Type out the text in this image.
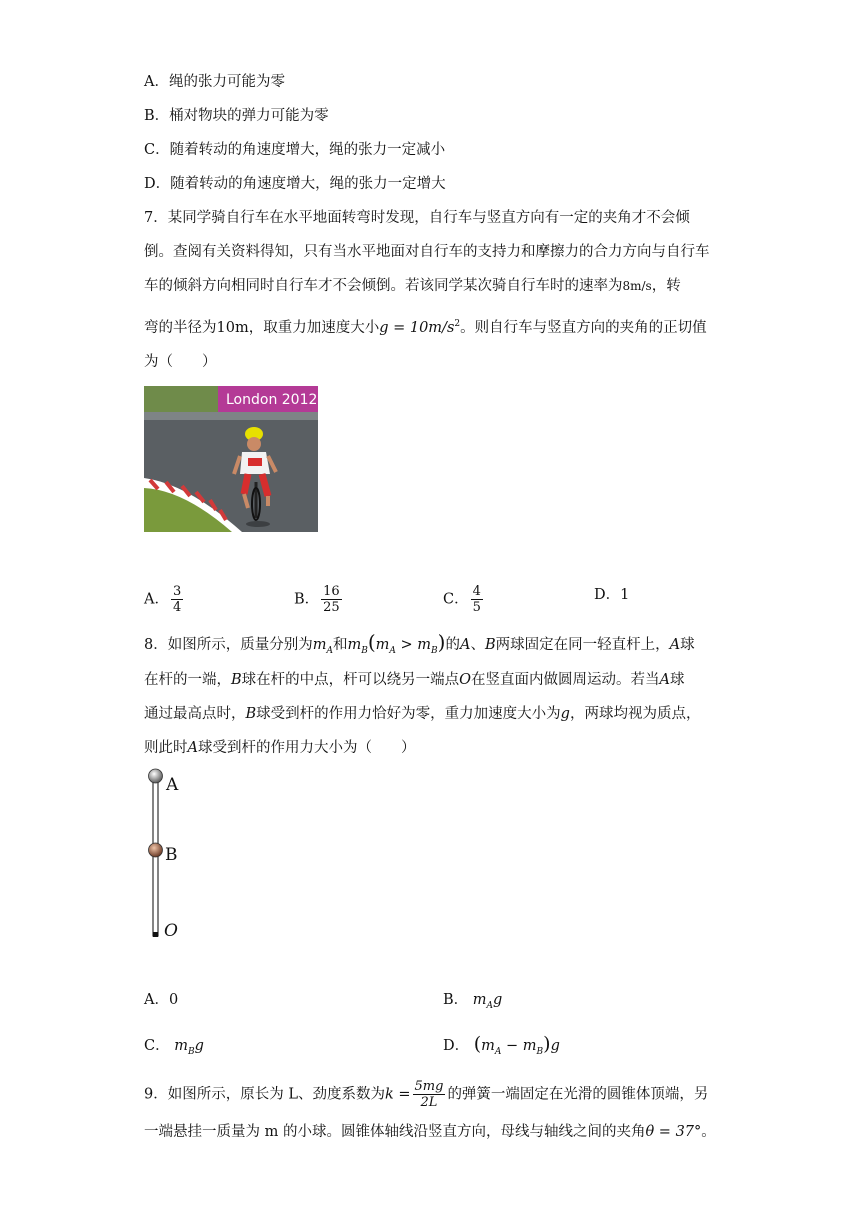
A．绳的张力可能为零
B．桶对物块的弹力可能为零
C．随着转动的角速度增大，绳的张力一定减小
D．随着转动的角速度增大，绳的张力一定增大
7．某同学骑自行车在水平地面转弯时发现，自行车与竖直方向有一定的夹角才不会倾
倒。查阅有关资料得知，只有当水平地面对自行车的支持力和摩擦力的合力方向与自行车
车的倾斜方向相同时自行车才不会倾倒。若该同学某次骑自行车时的速率为8m/s，转
弯的半径为10m，取重力加速度大小$g = 10m/s^2$。则自行车与竖直方向的夹角的正切值
为（　　）
London 2012
A． $\frac{3}{4}$	B． $\frac{16}{25}$	C． $\frac{4}{5}$	D．1
8．如图所示，质量分别为$m_A$和$m_B(m_A > m_B)$的A、B两球固定在同一轻直杆上，A球
在杆的一端，B球在杆的中点，杆可以绕另一端点O在竖直面内做圆周运动。若当A球
通过最高点时，B球受到杆的作用力恰好为零，重力加速度大小为g，两球均视为质点，
则此时A球受到杆的作用力大小为（　　）
A
B
O
A．0	B． $m_Ag$
C． $m_Bg$	D． $(m_A - m_B)g$
9．如图所示，原长为 L、劲度系数为$k = \frac{5mg}{2L}$ 的弹簧一端固定在光滑的圆锥体顶端，另
一端悬挂一质量为 m 的小球。圆锥体轴线沿竖直方向，母线与轴线之间的夹角θ = 37°。
